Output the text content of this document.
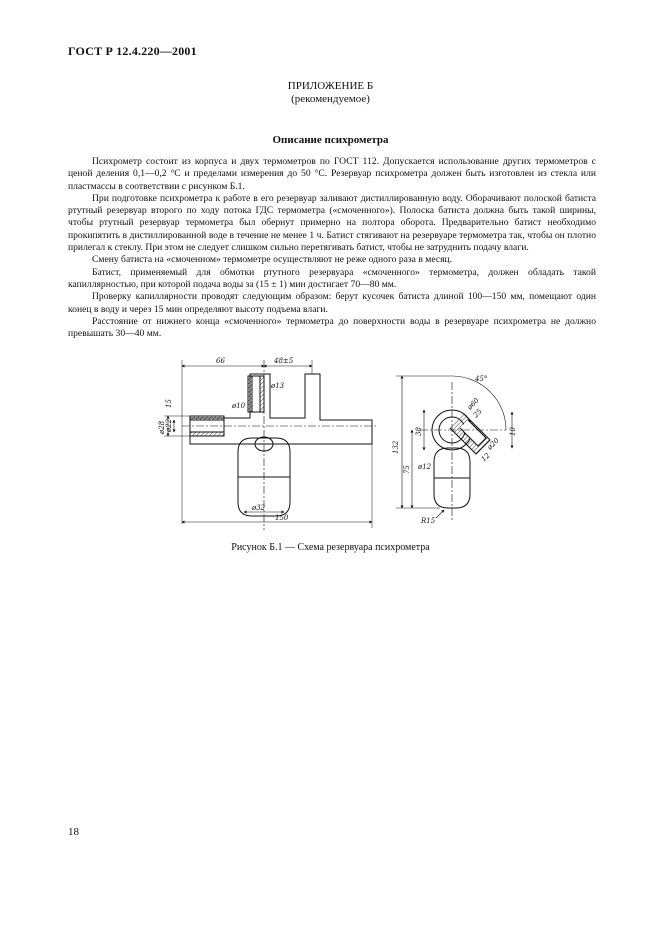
ГОСТ Р 12.4.220—2001
ПРИЛОЖЕНИЕ Б
(рекомендуемое)
Описание психрометра

Психрометр состоит из корпуса и двух термометров по ГОСТ 112. Допускается использование других термометров с ценой деления 0,1—0,2 °С и пределами измерения до 50 °С. Резервуар психрометра должен быть изготовлен из стекла или пластмассы в соответствии с рисунком Б.1.

При подготовке психрометра к работе в его резервуар заливают дистиллированную воду. Оборачивают полоской батиста ртутный резервуар второго по ходу потока ГДС термометра («смоченного»). Полоска батиста должна быть такой ширины, чтобы ртутный резервуар термометра был обернут примерно на полтора оборота. Предварительно батист необходимо прокипятить в дистиллированной воде в течение не менее 1 ч. Батист стягивают на резервуаре термометра так, чтобы он плотно прилегал к стеклу. При этом не следует слишком сильно перетягивать батист, чтобы не затруднить подачу влаги.

Смену батиста на «смоченном» термометре осуществляют не реже одного раза в месяц.

Батист, применяемый для обмотки ртутного резервуара «смоченного» термометра, должен обладать такой капиллярностью, при которой подача воды за (15 ± 1) мин достигает 70—80 мм.

Проверку капиллярности проводят следующим образом: берут кусочек батиста длиной 100—150 мм, помещают один конец в воду и через 15 мин определяют высоту подъема влаги.

Расстояние от нижнего конца «смоченного» термометра до поверхности воды в резервуаре психрометра не должно превышать 30—40 мм.

66	48±5
ø13
ø10
ø28 ø22
15
ø32
150
45°
132
75
38
ø12
R15
ø60
25
ø20
10
12
Рисунок Б.1 — Схема резервуара психрометра
18
